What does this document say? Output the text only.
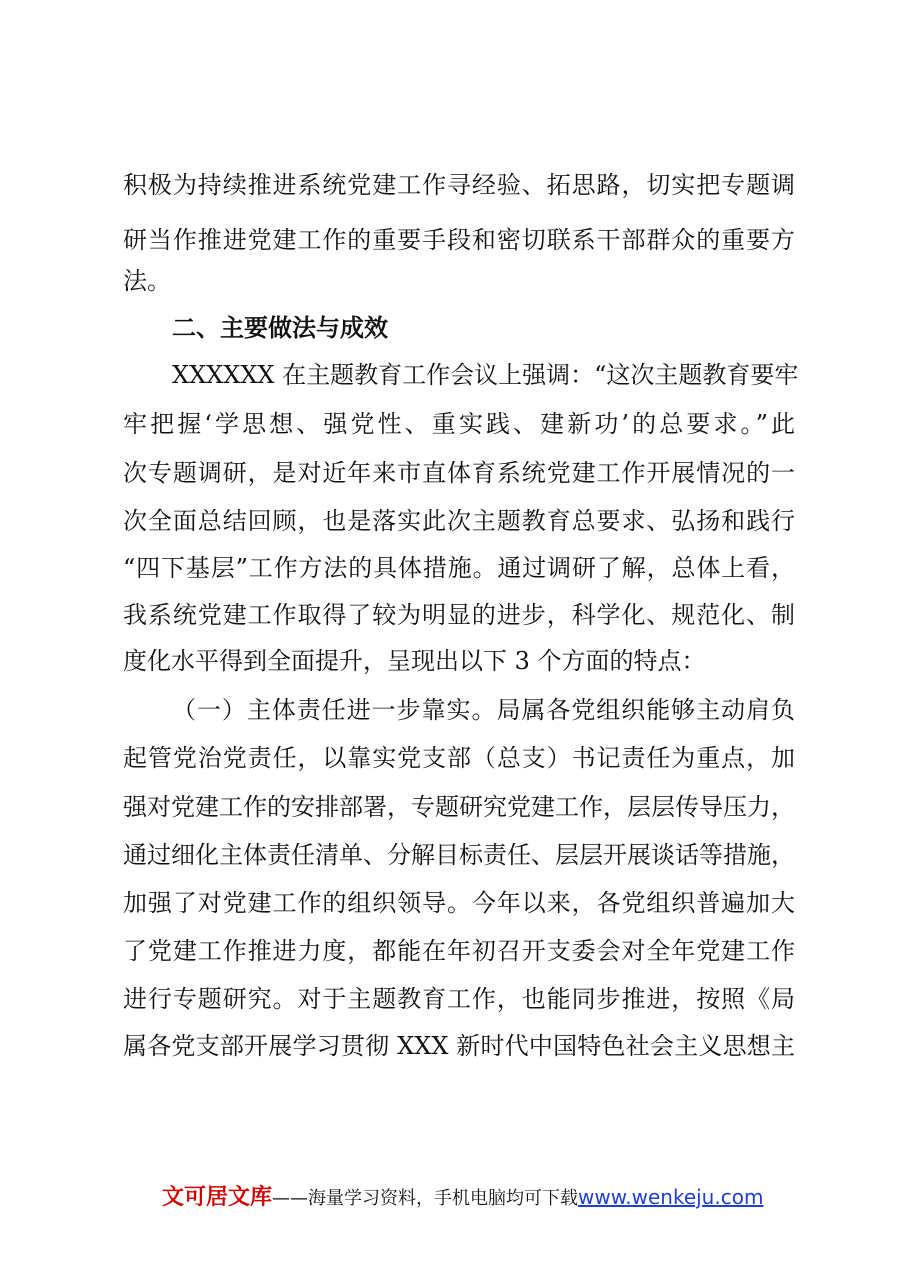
积极为持续推进系统党建工作寻经验、拓思路，切实把专题调
研当作推进党建工作的重要手段和密切联系干部群众的重要方
法。
二、主要做法与成效
XXXXXX 在主题教育工作会议上强调：“这次主题教育要牢
牢把握‘学思想、强党性、重实践、建新功’的总要求。”此
次专题调研，是对近年来市直体育系统党建工作开展情况的一
次全面总结回顾，也是落实此次主题教育总要求、弘扬和践行
“四下基层”工作方法的具体措施。通过调研了解，总体上看，
我系统党建工作取得了较为明显的进步，科学化、规范化、制
度化水平得到全面提升，呈现出以下 3 个方面的特点：
（一）主体责任进一步靠实。局属各党组织能够主动肩负
起管党治党责任，以靠实党支部（总支）书记责任为重点，加
强对党建工作的安排部署，专题研究党建工作，层层传导压力，
通过细化主体责任清单、分解目标责任、层层开展谈话等措施，
加强了对党建工作的组织领导。今年以来，各党组织普遍加大
了党建工作推进力度，都能在年初召开支委会对全年党建工作
进行专题研究。对于主题教育工作，也能同步推进，按照《局
属各党支部开展学习贯彻 XXX 新时代中国特色社会主义思想主
文可居文库——海量学习资料，手机电脑均可下载www.wenkeju.com
